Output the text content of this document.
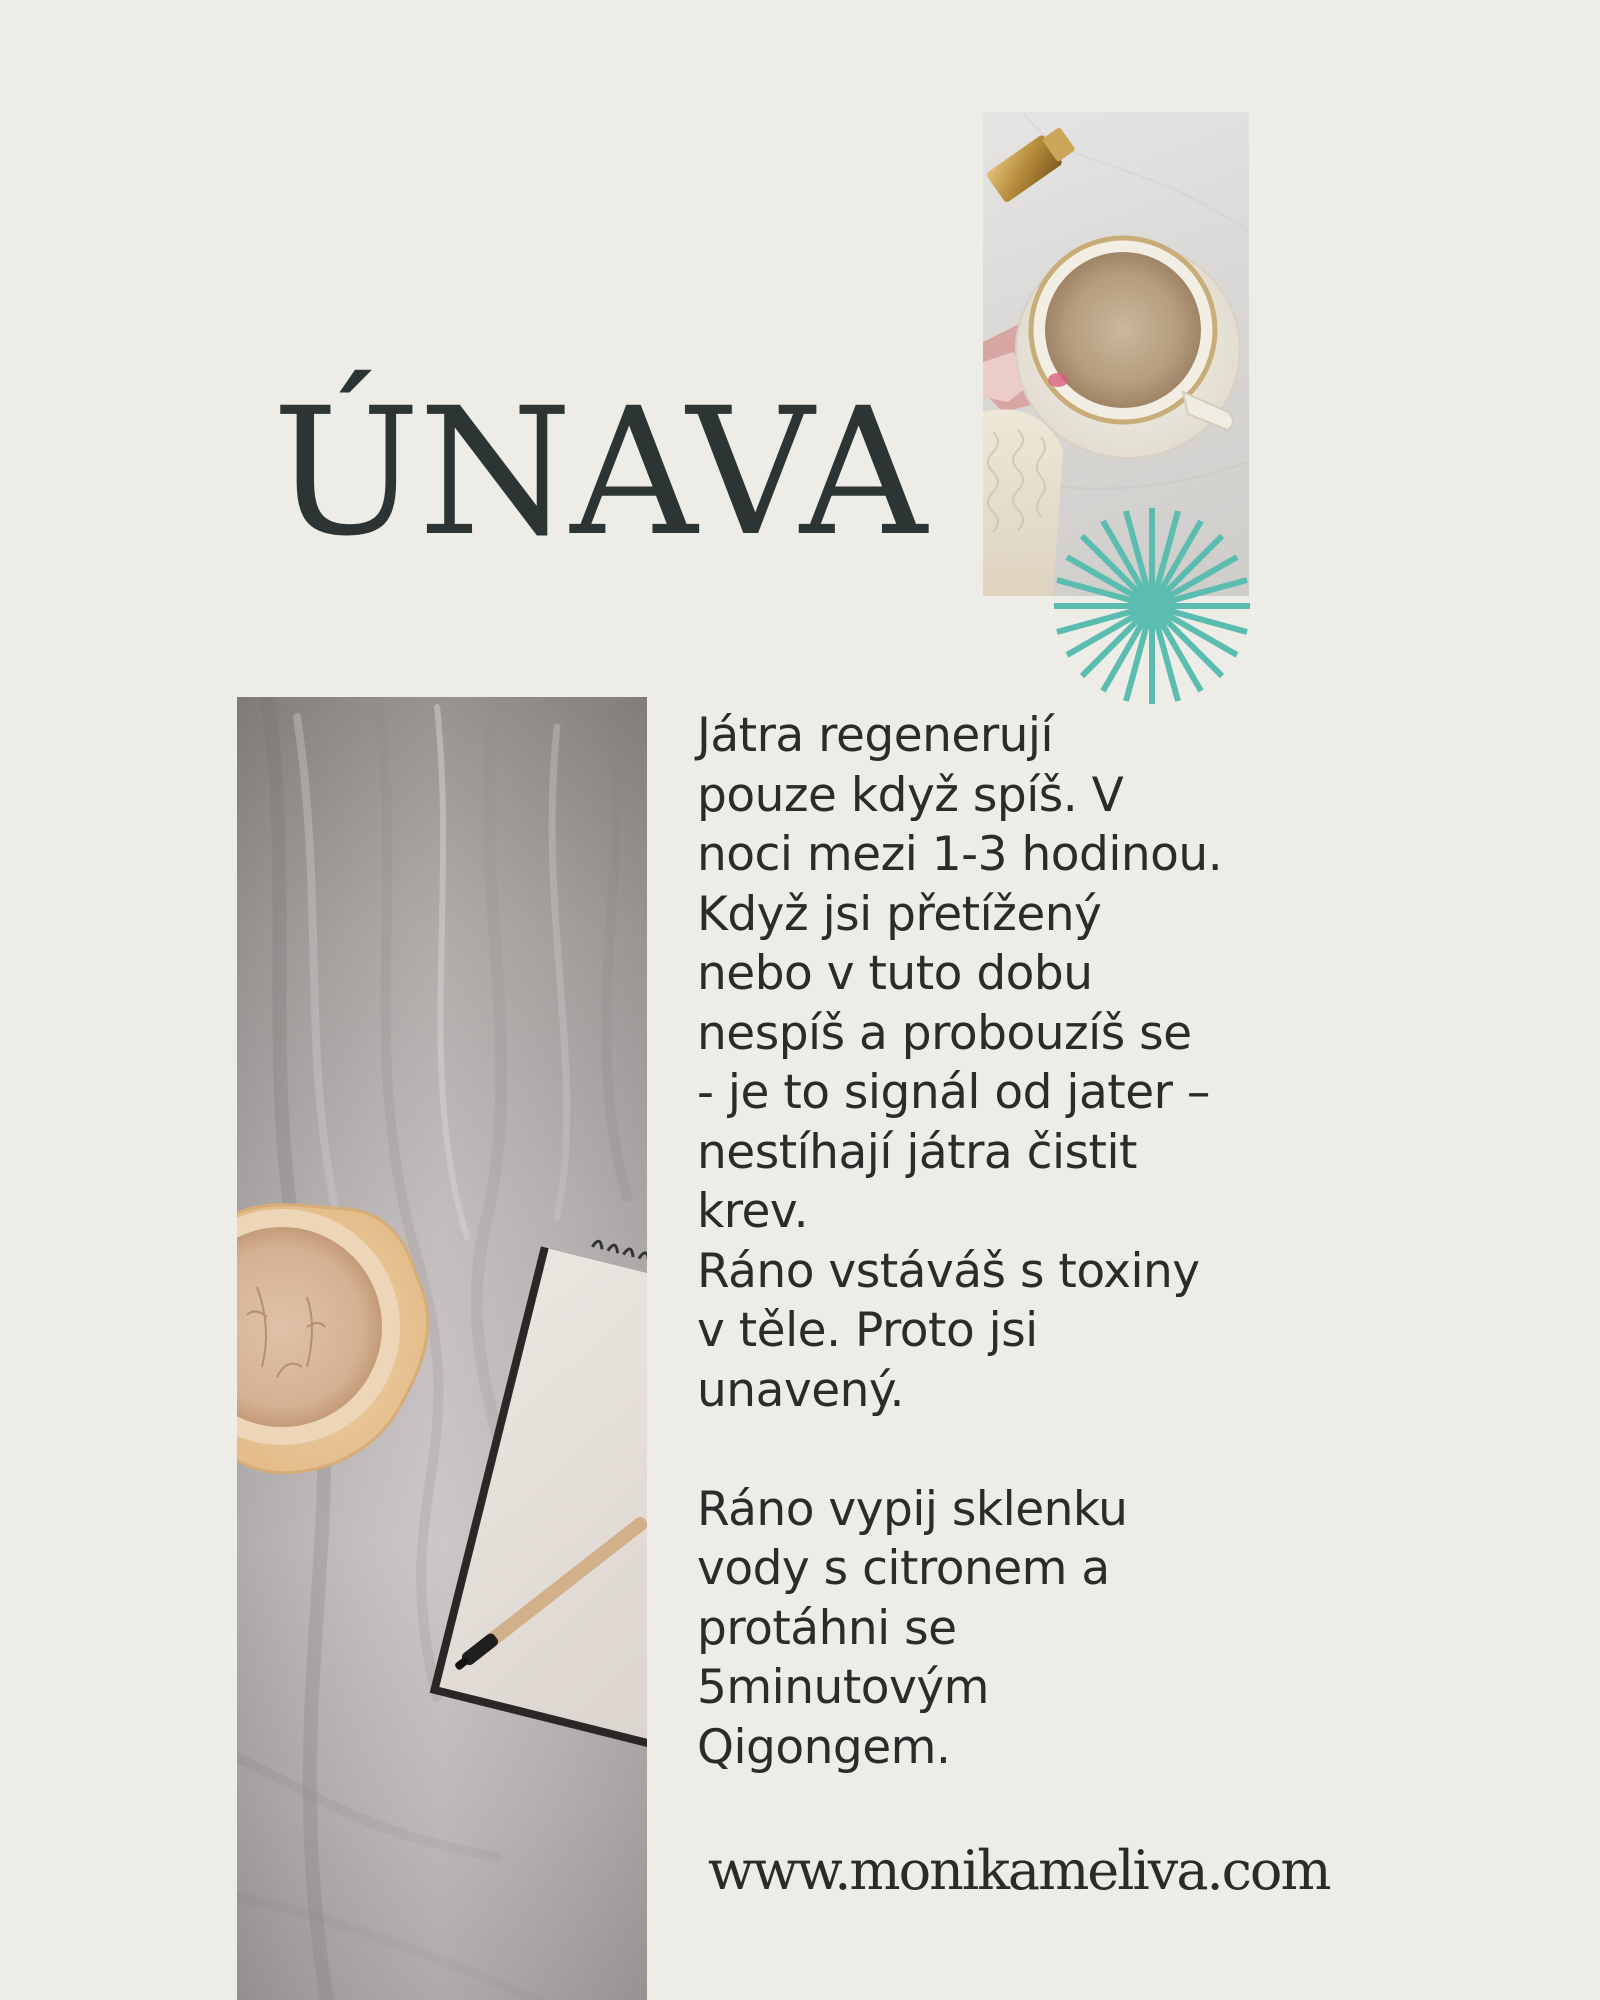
ÚNAVA

Játra regenerují
pouze když spíš. V
noci mezi 1-3 hodinou.
Když jsi přetížený
nebo v tuto dobu
nespíš a probouzíš se
- je to signál od jater –
nestíhají játra čistit
krev.
Ráno vstáváš s toxiny
v těle. Proto jsi
unavený.

Ráno vypij sklenku
vody s citronem a
protáhni se
5minutovým
Qigongem.

www.monikameliva.com
